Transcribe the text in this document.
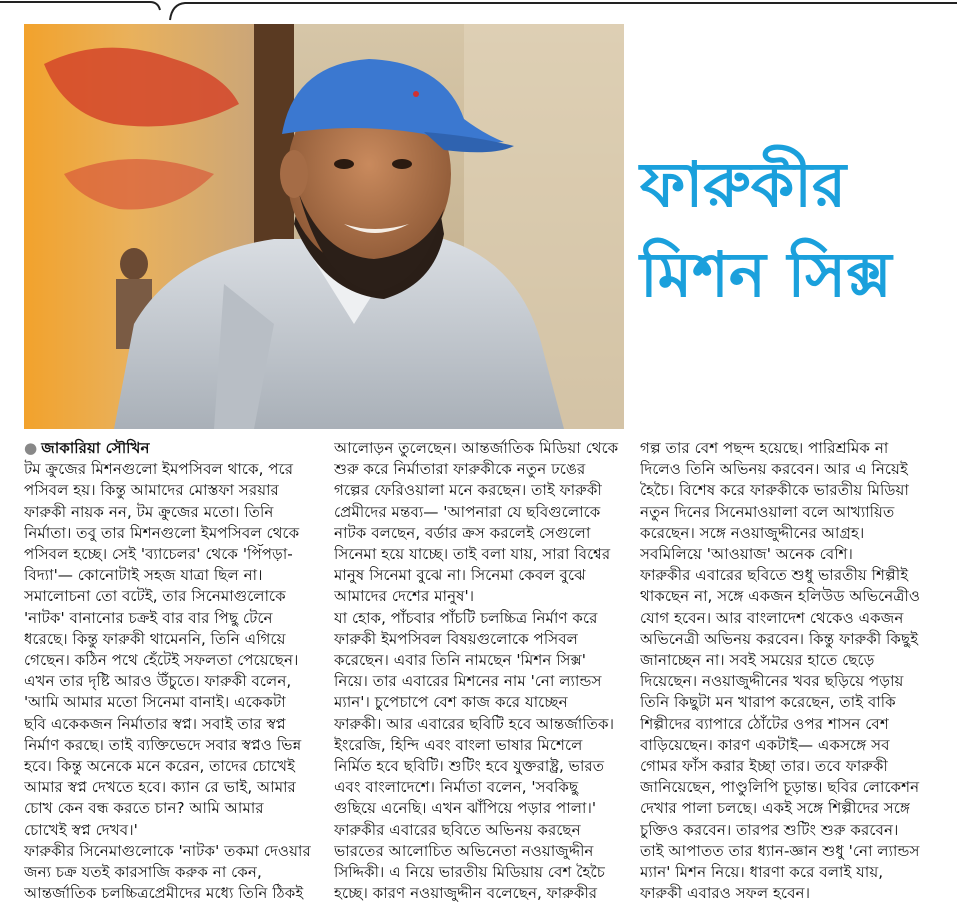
ফারুকীর
মিশন সিক্স
● জাকারিয়া সৌখিন
টম ক্রুজের মিশনগুলো ইমপসিবল থাকে, পরে
পসিবল হয়। কিন্তু আমাদের মোস্তফা সরয়ার
ফারুকী নায়ক নন, টম ক্রুজের মতো। তিনি
নির্মাতা। তবু তার মিশনগুলো ইমপসিবল থেকে
পসিবল হচ্ছে। সেই 'ব্যাচেলর' থেকে 'পিঁপড়া-
বিদ্যা'— কোনোটাই সহজ যাত্রা ছিল না।
সমালোচনা তো বটেই, তার সিনেমাগুলোকে
'নাটক' বানানোর চক্রই বার বার পিছু টেনে
ধরেছে। কিন্তু ফারুকী থামেননি, তিনি এগিয়ে
গেছেন। কঠিন পথে হেঁটেই সফলতা পেয়েছেন।
এখন তার দৃষ্টি আরও উঁচুতে। ফারুকী বলেন,
'আমি আমার মতো সিনেমা বানাই। একেকটা
ছবি একেকজন নির্মাতার স্বপ্ন। সবাই তার স্বপ্ন
নির্মাণ করছে। তাই ব্যক্তিভেদে সবার স্বপ্নও ভিন্ন
হবে। কিন্তু অনেকে মনে করেন, তাদের চোখেই
আমার স্বপ্ন দেখতে হবে। ক্যান রে ভাই, আমার
চোখ কেন বন্ধ করতে চান? আমি আমার
চোখেই স্বপ্ন দেখব।'
ফারুকীর সিনেমাগুলোকে 'নাটক' তকমা দেওয়ার
জন্য চক্র যতই কারসাজি করুক না কেন,
আন্তর্জাতিক চলচ্চিত্রপ্রেমীদের মধ্যে তিনি ঠিকই
আলোড়ন তুলেছেন। আন্তর্জাতিক মিডিয়া থেকে
শুরু করে নির্মাতারা ফারুকীকে নতুন ঢঙের
গল্পের ফেরিওয়ালা মনে করছেন। তাই ফারুকী
প্রেমীদের মন্তব্য— 'আপনারা যে ছবিগুলোকে
নাটক বলছেন, বর্ডার ক্রস করলেই সেগুলো
সিনেমা হয়ে যাচ্ছে। তাই বলা যায়, সারা বিশ্বের
মানুষ সিনেমা বুঝে না। সিনেমা কেবল বুঝে
আমাদের দেশের মানুষ'।
যা হোক, পাঁচবার পাঁচটি চলচ্চিত্র নির্মাণ করে
ফারুকী ইমপসিবল বিষয়গুলোকে পসিবল
করেছেন। এবার তিনি নামছেন 'মিশন সিক্স'
নিয়ে। তার এবারের মিশনের নাম 'নো ল্যান্ডস
ম্যান'। চুপেচাপে বেশ কাজ করে যাচ্ছেন
ফারুকী। আর এবারের ছবিটি হবে আন্তর্জাতিক।
ইংরেজি, হিন্দি এবং বাংলা ভাষার মিশেলে
নির্মিত হবে ছবিটি। শুটিং হবে যুক্তরাষ্ট্র, ভারত
এবং বাংলাদেশে। নির্মাতা বলেন, 'সবকিছু
গুছিয়ে এনেছি। এখন ঝাঁপিয়ে পড়ার পালা।'
ফারুকীর এবারের ছবিতে অভিনয় করছেন
ভারতের আলোচিত অভিনেতা নওয়াজুদ্দীন
সিদ্দিকী। এ নিয়ে ভারতীয় মিডিয়ায় বেশ হৈচৈ
হচ্ছে। কারণ নওয়াজুদ্দীন বলেছেন, ফারুকীর
গল্প তার বেশ পছন্দ হয়েছে। পারিশ্রমিক না
দিলেও তিনি অভিনয় করবেন। আর এ নিয়েই
হৈচৈ। বিশেষ করে ফারুকীকে ভারতীয় মিডিয়া
নতুন দিনের সিনেমাওয়ালা বলে আখ্যায়িত
করেছেন। সঙ্গে নওয়াজুদ্দীনের আগ্রহ।
সবমিলিয়ে 'আওয়াজ' অনেক বেশি।
ফারুকীর এবারের ছবিতে শুধু ভারতীয় শিল্পীই
থাকছেন না, সঙ্গে একজন হলিউড অভিনেত্রীও
যোগ হবেন। আর বাংলাদেশ থেকেও একজন
অভিনেত্রী অভিনয় করবেন। কিন্তু ফারুকী কিছুই
জানাচ্ছেন না। সবই সময়ের হাতে ছেড়ে
দিয়েছেন। নওয়াজুদ্দীনের খবর ছড়িয়ে পড়ায়
তিনি কিছুটা মন খারাপ করেছেন, তাই বাকি
শিল্পীদের ব্যাপারে ঠোঁটের ওপর শাসন বেশ
বাড়িয়েছেন। কারণ একটাই— একসঙ্গে সব
গোমর ফাঁস করার ইচ্ছা তার। তবে ফারুকী
জানিয়েছেন, পাণ্ডুলিপি চূড়ান্ত। ছবির লোকেশন
দেখার পালা চলছে। একই সঙ্গে শিল্পীদের সঙ্গে
চুক্তিও করবেন। তারপর শুটিং শুরু করবেন।
তাই আপাতত তার ধ্যান-জ্ঞান শুধু 'নো ল্যান্ডস
ম্যান' মিশন নিয়ে। ধারণা করে বলাই যায়,
ফারুকী এবারও সফল হবেন।
